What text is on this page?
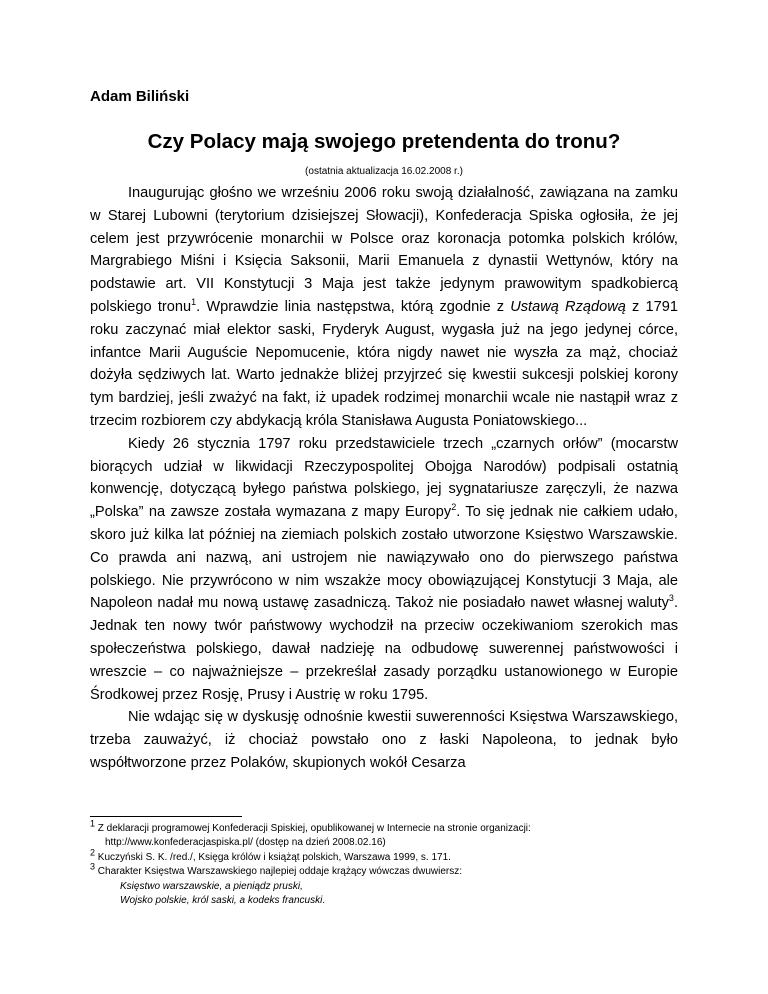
Adam Biliński
Czy Polacy mają swojego pretendenta do tronu?
(ostatnia aktualizacja 16.02.2008 r.)

Inaugurując głośno we wrześniu 2006 roku swoją działalność, zawiązana na zamku w Starej Lubowni (terytorium dzisiejszej Słowacji), Konfederacja Spiska ogłosiła, że jej celem jest przywrócenie monarchii w Polsce oraz koronacja potomka polskich królów, Margrabiego Miśni i Księcia Saksonii, Marii Emanuela z dynastii Wettynów, który na podstawie art. VII Konstytucji 3 Maja jest także jedynym prawowitym spadkobiercą polskiego tronu$^1$. Wprawdzie linia następstwa, którą zgodnie z Ustawą Rządową z 1791 roku zaczynać miał elektor saski, Fryderyk August, wygasła już na jego jedynej córce, infantce Marii Auguście Nepomucenie, która nigdy nawet nie wyszła za mąż, chociaż dożyła sędziwych lat. Warto jednakże bliżej przyjrzeć się kwestii sukcesji polskiej korony tym bardziej, jeśli zważyć na fakt, iż upadek rodzimej monarchii wcale nie nastąpił wraz z trzecim rozbiorem czy abdykacją króla Stanisława Augusta Poniatowskiego...

Kiedy 26 stycznia 1797 roku przedstawiciele trzech „czarnych orłów” (mocarstw biorących udział w likwidacji Rzeczypospolitej Obojga Narodów) podpisali ostatnią konwencję, dotyczącą byłego państwa polskiego, jej sygnatariusze zaręczyli, że nazwa „Polska” na zawsze została wymazana z mapy Europy$^2$. To się jednak nie całkiem udało, skoro już kilka lat później na ziemiach polskich zostało utworzone Księstwo Warszawskie. Co prawda ani nazwą, ani ustrojem nie nawiązywało ono do pierwszego państwa polskiego. Nie przywrócono w nim wszakże mocy obowiązującej Konstytucji 3 Maja, ale Napoleon nadał mu nową ustawę zasadniczą. Takoż nie posiadało nawet własnej waluty$^3$. Jednak ten nowy twór państwowy wychodził na przeciw oczekiwaniom szerokich mas społeczeństwa polskiego, dawał nadzieję na odbudowę suwerennej państwowości i wreszcie – co najważniejsze – przekreślał zasady porządku ustanowionego w Europie Środkowej przez Rosję, Prusy i Austrię w roku 1795.

Nie wdając się w dyskusję odnośnie kwestii suwerenności Księstwa Warszawskiego, trzeba zauważyć, iż chociaż powstało ono z łaski Napoleona, to jednak było współtworzone przez Polaków, skupionych wokół Cesarza

$^1$ Z deklaracji programowej Konfederacji Spiskiej, opublikowanej w Internecie na stronie organizacji:
http://www.konfederacjaspiska.pl/ (dostęp na dzień 2008.02.16)

$^2$ Kuczyński S. K. /red./, Księga królów i książąt polskich, Warszawa 1999, s. 171.

$^3$ Charakter Księstwa Warszawskiego najlepiej oddaje krążący wówczas dwuwiersz:
Księstwo warszawskie, a pieniądz pruski,
Wojsko polskie, król saski, a kodeks francuski.
